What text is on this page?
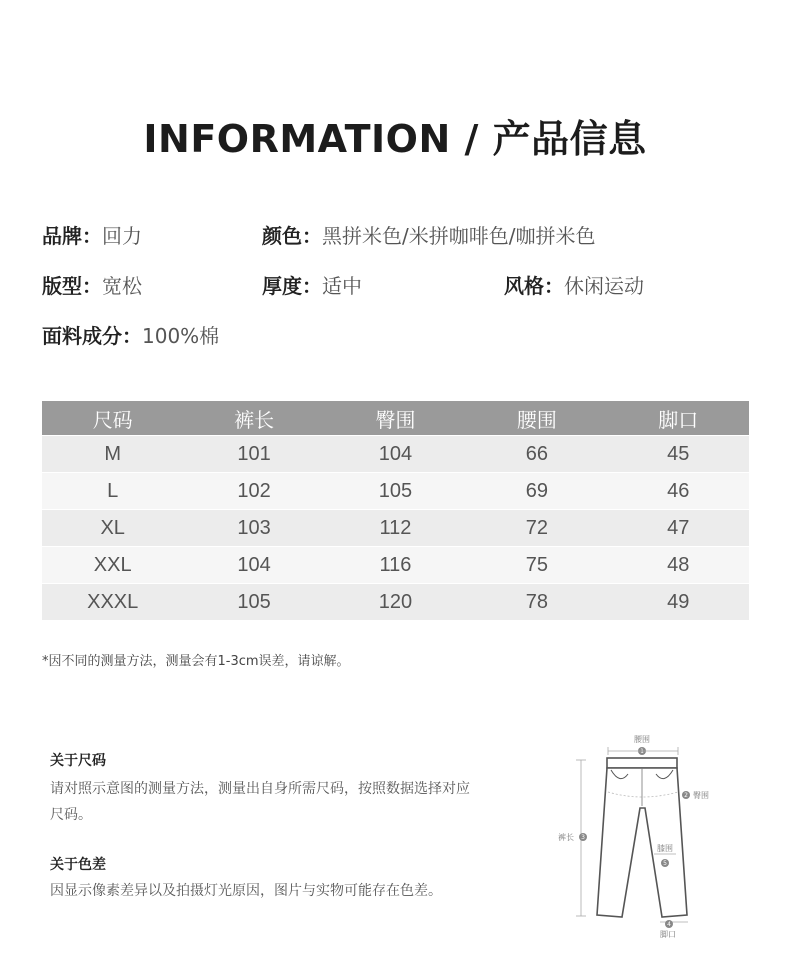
INFORMATION / 产品信息
品牌：回力	颜色：黑拼米色/米拼咖啡色/咖拼米色
版型：宽松	厚度：适中	风格：休闲运动
面料成分：100%棉
尺码	裤长	臀围	腰围	脚口
M	101	104	66	45
L	102	105	69	46
XL	103	112	72	47
XXL	104	116	75	48
XXXL	105	120	78	49
*因不同的测量方法，测量会有1-3cm误差，请谅解。
关于尺码
请对照示意图的测量方法，测量出自身所需尺码，按照数据选择对应尺码。
关于色差
因显示像素差异以及拍摄灯光原因，图片与实物可能存在色差。
腰围
1
2 臀围
裤长 3
膝围
5
4
脚口
